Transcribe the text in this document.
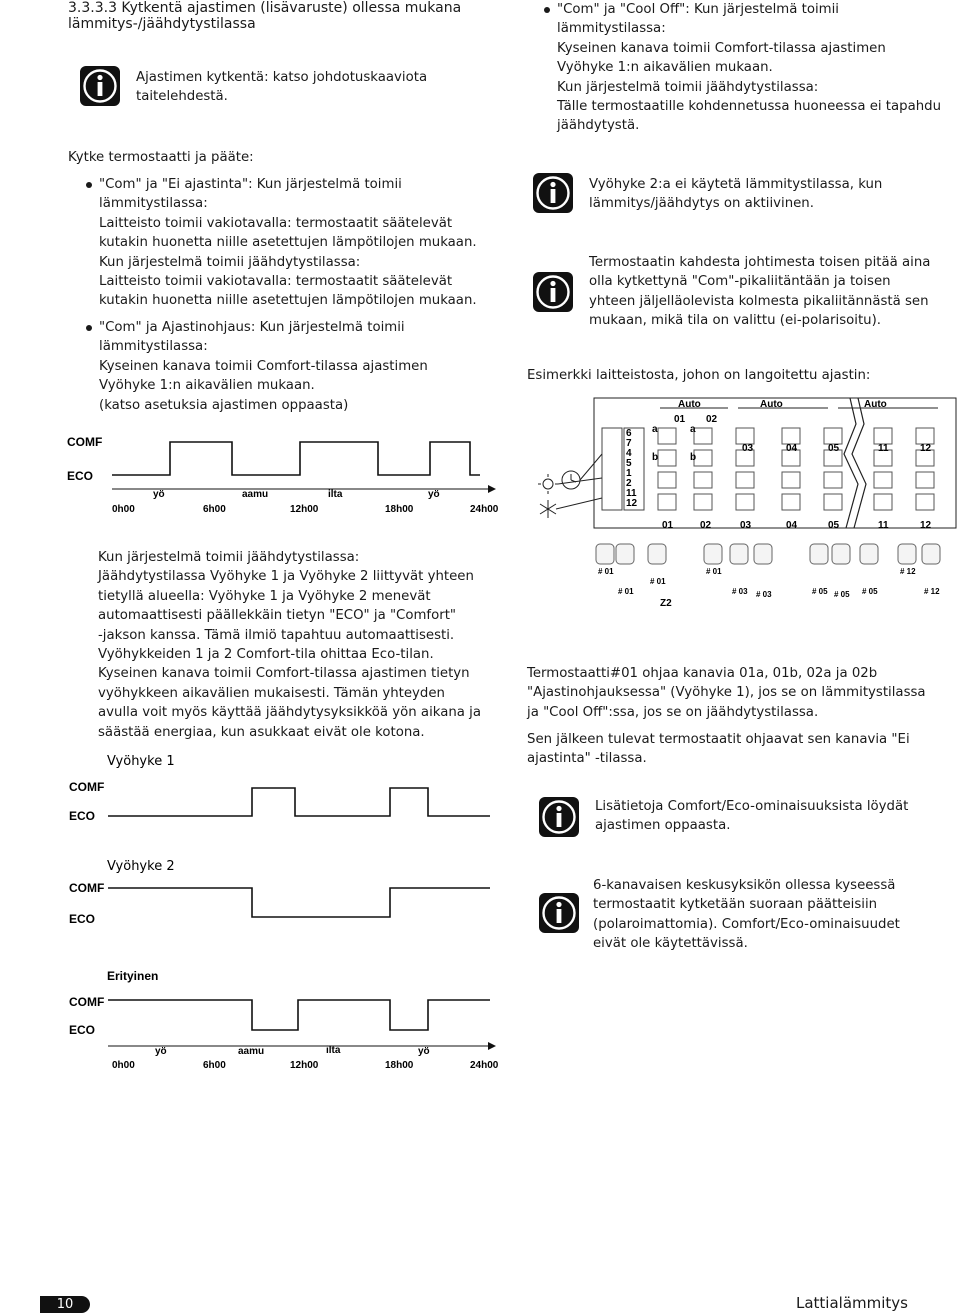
3.3.3.3 Kytkentä ajastimen (lisävaruste) ollessa mukana lämmitys-/jäähdytystilassa
Ajastimen kytkentä: katso johdotuskaaviota taitelehdestä.
Kytke termostaatti ja pääte:
"Com" ja "Ei ajastinta": Kun järjestelmä toimii
lämmitystilassa:
Laitteisto toimii vakiotavalla: termostaatit säätelevät
kutakin huonetta niille asetettujen lämpötilojen mukaan.
Kun järjestelmä toimii jäähdytystilassa:
Laitteisto toimii vakiotavalla: termostaatit säätelevät
kutakin huonetta niille asetettujen lämpötilojen mukaan.
"Com" ja Ajastinohjaus: Kun järjestelmä toimii
lämmitystilassa:
Kyseinen kanava toimii Comfort-tilassa ajastimen
Vyöhyke 1:n aikavälien mukaan.
(katso asetuksia ajastimen oppaasta)
"Com" ja "Cool Off": Kun järjestelmä toimii
lämmitystilassa:
Kyseinen kanava toimii Comfort-tilassa ajastimen
Vyöhyke 1:n aikavälien mukaan.
Kun järjestelmä toimii jäähdytystilassa:
Tälle termostaatille kohdennetussa huoneessa ei tapahdu
jäähdytystä.
Vyöhyke 2:a ei käytetä lämmitystilassa, kun
lämmitys/jäähdytys on aktiivinen.
Termostaatin kahdesta johtimesta toisen pitää aina
olla kytkettynä "Com"-pikaliitäntään ja toisen
yhteen jäljelläolevista kolmesta pikaliitännästä sen
mukaan, mikä tila on valittu (ei-polarisoitu).
Esimerkki laitteistosta, johon on langoitettu ajastin:
Auto	Auto	Auto
6
7
4
5
1
2
11
12
03	04	05	11	12
01	02	03	04	05	11	12
a
b
a
b
01 02
# 01
# 01
# 01
# 01
# 03 # 03	# 05 # 05 # 05
# 12
# 12
Z2
COMF
ECO
yö	aamu	ilta	yö
0h00	6h00	12h00	18h00	24h00
Kun järjestelmä toimii jäähdytystilassa:
Jäähdytystilassa Vyöhyke 1 ja Vyöhyke 2 liittyvät yhteen
tietyllä alueella: Vyöhyke 1 ja Vyöhyke 2 menevät
automaattisesti päällekkäin tietyn "ECO" ja "Comfort"
-jakson kanssa. Tämä ilmiö tapahtuu automaattisesti.
Vyöhykkeiden 1 ja 2 Comfort-tila ohittaa Eco-tilan.
Kyseinen kanava toimii Comfort-tilassa ajastimen tietyn
vyöhykkeen aikavälien mukaisesti. Tämän yhteyden
avulla voit myös käyttää jäähdytysyksikköä yön aikana ja
säästää energiaa, kun asukkaat eivät ole kotona.
Vyöhyke 1
COMF
ECO
Vyöhyke 2
COMF
ECO
Erityinen
COMF
ECO
yö	aamu	ilta	yö
0h00	6h00	12h00	18h00	24h00
Termostaatti#01 ohjaa kanavia 01a, 01b, 02a ja 02b
"Ajastinohjauksessa" (Vyöhyke 1), jos se on lämmitystilassa
ja "Cool Off":ssa, jos se on jäähdytystilassa.
Sen jälkeen tulevat termostaatit ohjaavat sen kanavia "Ei
ajastinta" -tilassa.
Lisätietoja Comfort/Eco-ominaisuuksista löydät
ajastimen oppaasta.
6-kanavaisen keskusyksikön ollessa kyseessä
termostaatit kytketään suoraan päätteisiin
(polaroimattomia). Comfort/Eco-ominaisuudet
eivät ole käytettävissä.
10	Lattialämmitys
